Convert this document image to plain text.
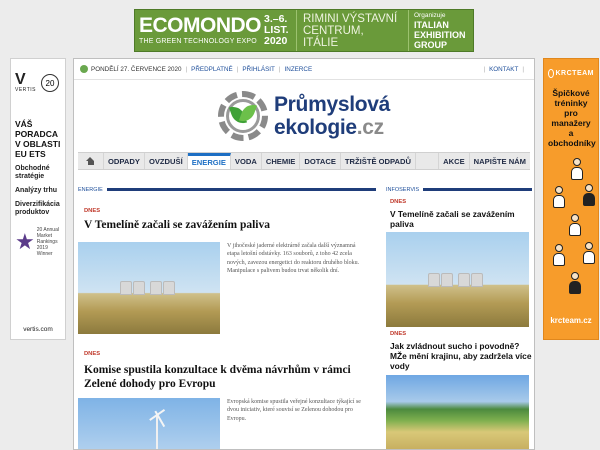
ECOMONDO
THE GREEN TECHNOLOGY EXPO
3.–6.
LIST.
2020
RIMINI VÝSTAVNÍ
CENTRUM,
ITÁLIE
Organizuje
ITALIAN
EXHIBITION
GROUP
V
VERTIS
20
VÁŠ PORADCA V OBLASTI EU ETS
Obchodné stratégie
Analýzy trhu
Diverzifikácia produktov
★ 20 Annual Market Rankings 2019 Winner
vertis.com
KRCTEAM
Špičkové tréninky pro manažery a obchodníky
krcteam.cz
PONDĚLÍ 27. ČERVENCE 2020 | PŘEDPLATNÉ | PŘIHLÁSIT | INZERCE	| KONTAKT |
Průmyslová
ekologie.cz
ODPADY	OVZDUŠÍ	ENERGIE	VODA	CHEMIE	DOTACE	TRŽIŠTĚ ODPADŮ	AKCE	NAPIŠTE NÁM
ENERGIE
DNES
V Temelíně začali se zavážením paliva
V jihočeské jaderné elektrárně začala další významná etapa letošní odstávky. 163 souborů, z toho 42 zcela nových, zavezou energetici do reaktoru druhého bloku. Manipulace s palivem budou trvat několik dní.
DNES
Komise spustila konzultace k dvěma návrhům v rámci Zelené dohody pro Evropu
Evropská komise spustila veřejné konzultace týkající se dvou iniciativ, které souvisí se Zelenou dohodou pro Evropu.
INFOSERVIS
DNES
V Temelíně začali se zavážením paliva
DNES
Jak zvládnout sucho i povodně? MŽe mění krajinu, aby zadržela více vody
